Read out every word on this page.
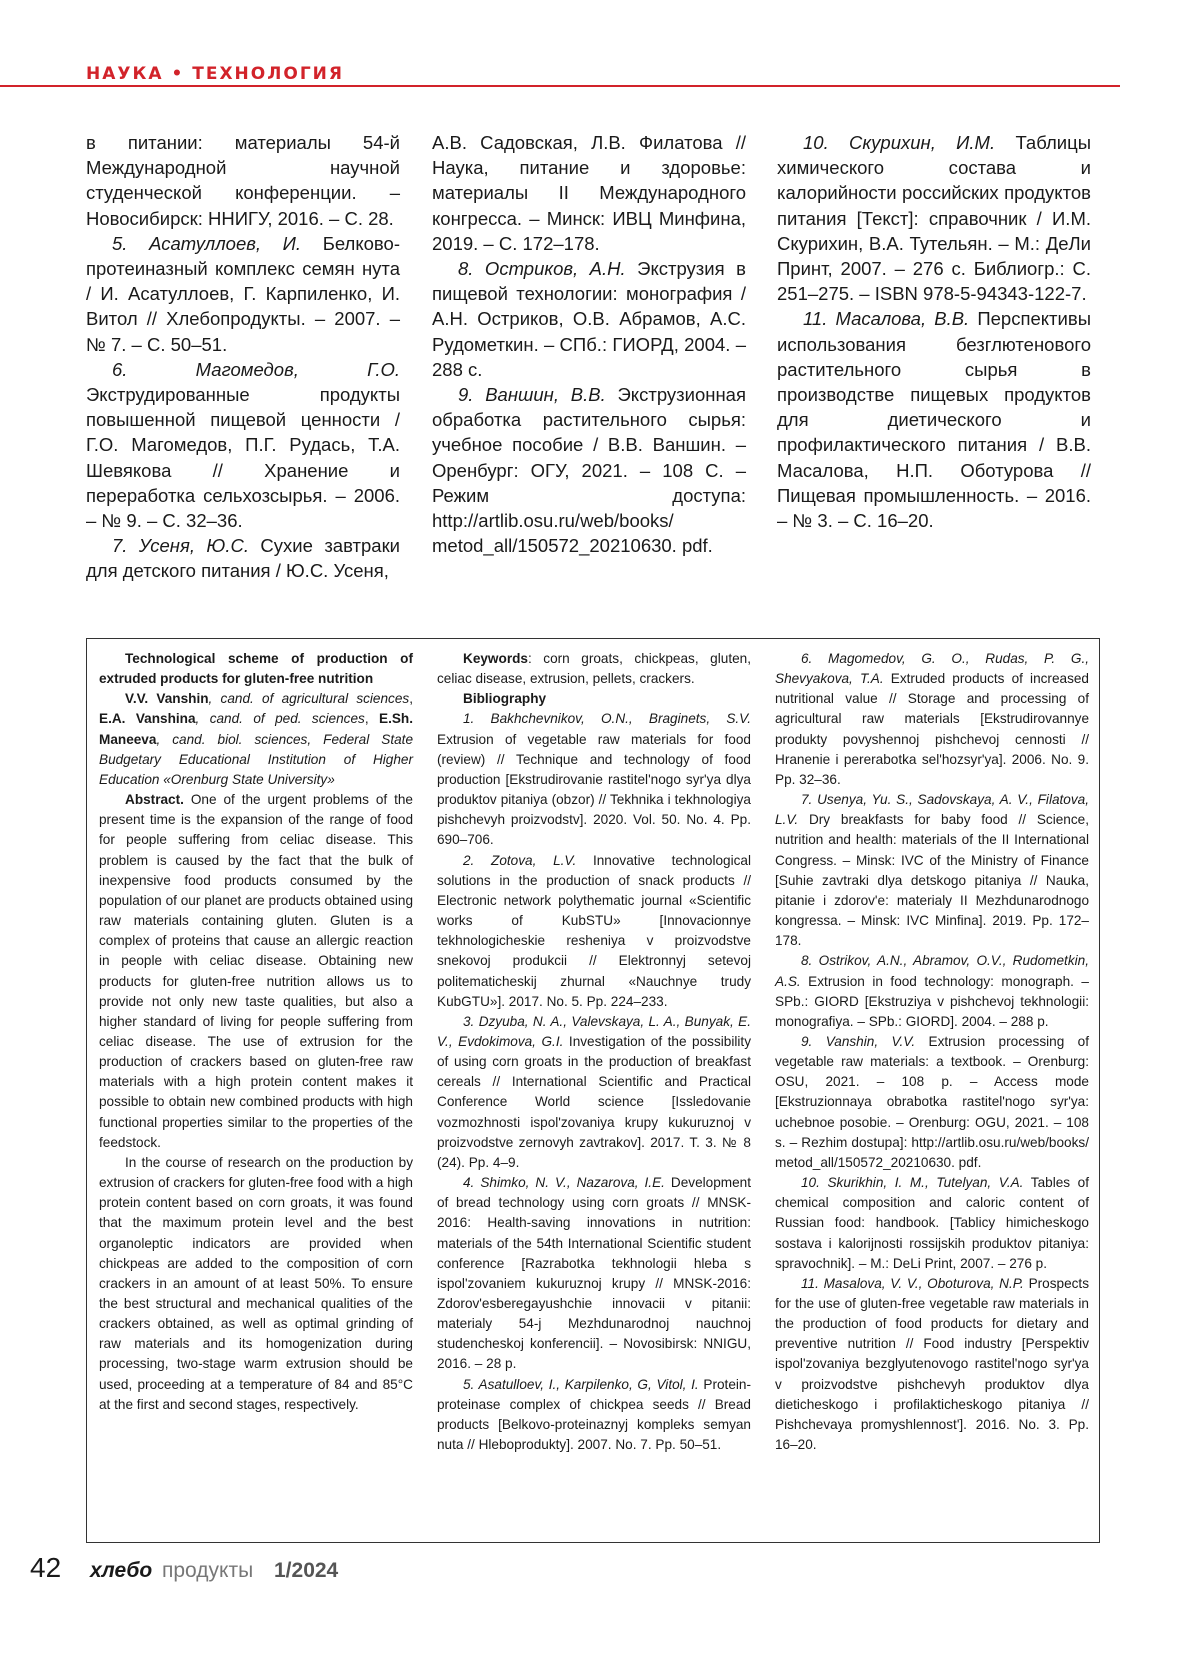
НАУКА • ТЕХНОЛОГИЯ

в питании: материалы 54-й Международной научной студенческой конференции. – Новосибирск: ННИГУ, 2016. – С. 28.

5. Асатуллоев, И. Белково-протеиназный комплекс семян нута / И. Асатуллоев, Г. Карпиленко, И. Витол // Хлебопродукты. – 2007. – № 7. – С. 50–51.

6. Магомедов, Г.О. Экструдированные продукты повышенной пищевой ценности / Г.О. Магомедов, П.Г. Рудась, Т.А. Шевякова // Хранение и переработка сельхозсырья. – 2006. – № 9. – С. 32–36.

7. Усеня, Ю.С. Сухие завтраки для детского питания / Ю.С. Усеня,

А.В. Садовская, Л.В. Филатова // Наука, питание и здоровье: материалы II Международного конгресса. – Минск: ИВЦ Минфина, 2019. – С. 172–178.

8. Остриков, А.Н. Экструзия в пищевой технологии: монография / А.Н. Остриков, О.В. Абрамов, А.С. Рудометкин. – СПб.: ГИОРД, 2004. – 288 с.

9. Ваншин, В.В. Экструзионная обработка растительного сырья: учебное пособие / В.В. Ваншин. – Оренбург: ОГУ, 2021. – 108 С. – Режим доступа: http://artlib.osu.ru/web/books/ metod_all/150572_20210630. pdf.

10. Скурихин, И.М. Таблицы химического состава и калорийности российских продуктов питания [Текст]: справочник / И.М. Скурихин, В.А. Тутельян. – М.: ДеЛи Принт, 2007. – 276 с. Библиогр.: С. 251–275. – ISBN 978-5-94343-122-7.

11. Масалова, В.В. Перспективы использования безглютенового растительного сырья в производстве пищевых продуктов для диетического и профилактического питания / В.В. Масалова, Н.П. Оботурова // Пищевая промышленность. – 2016. – № 3. – С. 16–20.

Technological scheme of production of extruded products for gluten-free nutrition

V.V. Vanshin, cand. of agricultural sciences, E.A. Vanshina, cand. of ped. sciences, E.Sh. Maneeva, cand. biol. sciences, Federal State Budgetary Educational Institution of Higher Education «Orenburg State University»

Abstract. One of the urgent problems of the present time is the expansion of the range of food for people suffering from celiac disease. This problem is caused by the fact that the bulk of inexpensive food products consumed by the population of our planet are products obtained using raw materials containing gluten. Gluten is a complex of proteins that cause an allergic reaction in people with celiac disease. Obtaining new products for gluten-free nutrition allows us to provide not only new taste qualities, but also a higher standard of living for people suffering from celiac disease. The use of extrusion for the production of crackers based on gluten-free raw materials with a high protein content makes it possible to obtain new combined products with high functional properties similar to the properties of the feedstock.

In the course of research on the production by extrusion of crackers for gluten-free food with a high protein content based on corn groats, it was found that the maximum protein level and the best organoleptic indicators are provided when chickpeas are added to the composition of corn crackers in an amount of at least 50%. To ensure the best structural and mechanical qualities of the crackers obtained, as well as optimal grinding of raw materials and its homogenization during processing, two-stage warm extrusion should be used, proceeding at a temperature of 84 and 85°C at the first and second stages, respectively.

Keywords: corn groats, chickpeas, gluten, celiac disease, extrusion, pellets, crackers.

Bibliography

1. Bakhchevnikov, O.N., Braginets, S.V. Extrusion of vegetable raw materials for food (review) // Technique and technology of food production [Ekstrudirovanie rastitel'nogo syr'ya dlya produktov pitaniya (obzor) // Tekhnika i tekhnologiya pishchevyh proizvodstv]. 2020. Vol. 50. No. 4. Pp. 690–706.

2. Zotova, L.V. Innovative technological solutions in the production of snack products // Electronic network polythematic journal «Scientific works of KubSTU» [Innovacionnye tekhnologicheskie resheniya v proizvodstve snekovoj produkcii // Elektronnyj setevoj politematicheskij zhurnal «Nauchnye trudy KubGTU»]. 2017. No. 5. Pp. 224–233.

3. Dzyuba, N. A., Valevskaya, L. A., Bunyak, E. V., Evdokimova, G.I. Investigation of the possibility of using corn groats in the production of breakfast cereals // International Scientific and Practical Conference World science [Issledovanie vozmozhnosti ispol'zovaniya krupy kukuruznoj v proizvodstve zernovyh zavtrakov]. 2017. T. 3. № 8 (24). Pp. 4–9.

4. Shimko, N. V., Nazarova, I.E. Development of bread technology using corn groats // MNSK-2016: Health-saving innovations in nutrition: materials of the 54th International Scientific student conference [Razrabotka tekhnologii hleba s ispol'zovaniem kukuruznoj krupy // MNSK-2016: Zdorov'esberegayushchie innovacii v pitanii: materialy 54-j Mezhdunarodnoj nauchnoj studencheskoj konferencii]. – Novosibirsk: NNIGU, 2016. – 28 p.

5. Asatulloev, I., Karpilenko, G, Vitol, I. Protein-proteinase complex of chickpea seeds // Bread products [Belkovo-proteinaznyj kompleks semyan nuta // Hleboprodukty]. 2007. No. 7. Pp. 50–51.

6. Magomedov, G. O., Rudas, P. G., Shevyakova, T.A. Extruded products of increased nutritional value // Storage and processing of agricultural raw materials [Ekstrudirovannye produkty povyshennoj pishchevoj cennosti // Hranenie i pererabotka sel'hozsyr'ya]. 2006. No. 9. Pp. 32–36.

7. Usenya, Yu. S., Sadovskaya, A. V., Filatova, L.V. Dry breakfasts for baby food // Science, nutrition and health: materials of the II International Congress. – Minsk: IVC of the Ministry of Finance [Suhie zavtraki dlya detskogo pitaniya // Nauka, pitanie i zdorov'e: materialy II Mezhdunarodnogo kongressa. – Minsk: IVC Minfina]. 2019. Pp. 172–178.

8. Ostrikov, A.N., Abramov, O.V., Rudometkin, A.S. Extrusion in food technology: monograph. – SPb.: GIORD [Ekstruziya v pishchevoj tekhnologii: monografiya. – SPb.: GIORD]. 2004. – 288 p.

9. Vanshin, V.V. Extrusion processing of vegetable raw materials: a textbook. – Orenburg: OSU, 2021. – 108 p. – Access mode [Ekstruzionnaya obrabotka rastitel'nogo syr'ya: uchebnoe posobie. – Orenburg: OGU, 2021. – 108 s. – Rezhim dostupa]: http://artlib.osu.ru/web/books/ metod_all/150572_20210630. pdf.

10. Skurikhin, I. M., Tutelyan, V.A. Tables of chemical composition and caloric content of Russian food: handbook. [Tablicy himicheskogo sostava i kalorijnosti rossijskih produktov pitaniya: spravochnik]. – M.: DeLi Print, 2007. – 276 p.

11. Masalova, V. V., Oboturova, N.P. Prospects for the use of gluten-free vegetable raw materials in the production of food products for dietary and preventive nutrition // Food industry [Perspektiv ispol'zovaniya bezglyutenovogo rastitel'nogo syr'ya v proizvodstve pishchevyh produktov dlya dieticheskogo i profilakticheskogo pitaniya // Pishchevaya promyshlennost']. 2016. No. 3. Pp. 16–20.

42 хлебо продукты 1/2024
